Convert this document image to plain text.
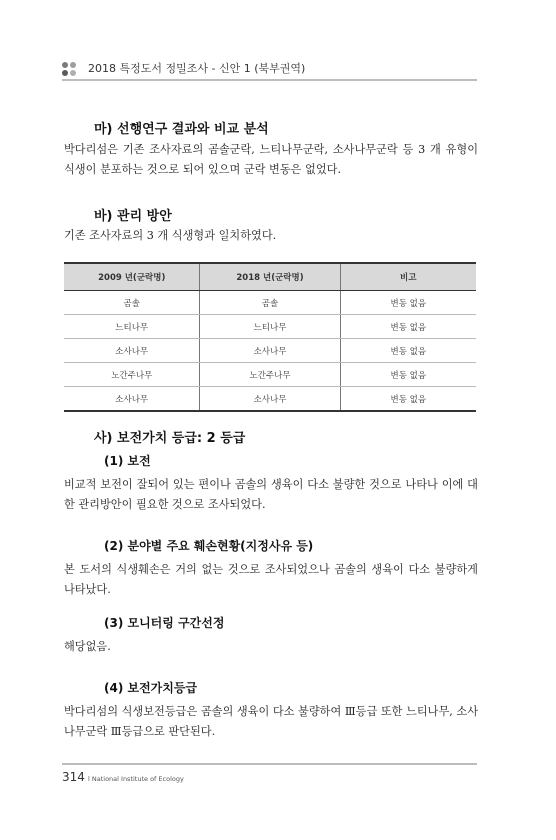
2018 특정도서 정밀조사 - 신안 1 (북부권역)
마) 선행연구 결과와 비교 분석
박다리섬은 기존 조사자료의 곰솔군락, 느티나무군락, 소사나무군락 등 3 개 유형이 식생이 분포하는 것으로 되어 있으며 군락 변동은 없었다.
바) 관리 방안
기존 조사자료의 3 개 식생형과 일치하였다.
2009 년(군락명)	2018 년(군락명)	비고
곰솔	곰솔	변동 없음
느티나무	느티나무	변동 없음
소사나무	소사나무	변동 없음
노간주나무	노간주나무	변동 없음
소사나무	소사나무	변동 없음
사) 보전가치 등급: 2 등급
(1) 보전
비교적 보전이 잘되어 있는 편이나 곰솔의 생육이 다소 불량한 것으로 나타나 이에 대한 관리방안이 필요한 것으로 조사되었다.
(2) 분야별 주요 훼손현황(지정사유 등)
본 도서의 식생훼손은 거의 없는 것으로 조사되었으나 곰솔의 생육이 다소 불량하게 나타났다.
(3) 모니터링 구간선정
해당없음.
(4) 보전가치등급
박다리섬의 식생보전등급은 곰솔의 생육이 다소 불량하여 Ⅲ등급 또한 느티나무, 소사나무군락 Ⅲ등급으로 판단된다.
314 l National Institute of Ecology
